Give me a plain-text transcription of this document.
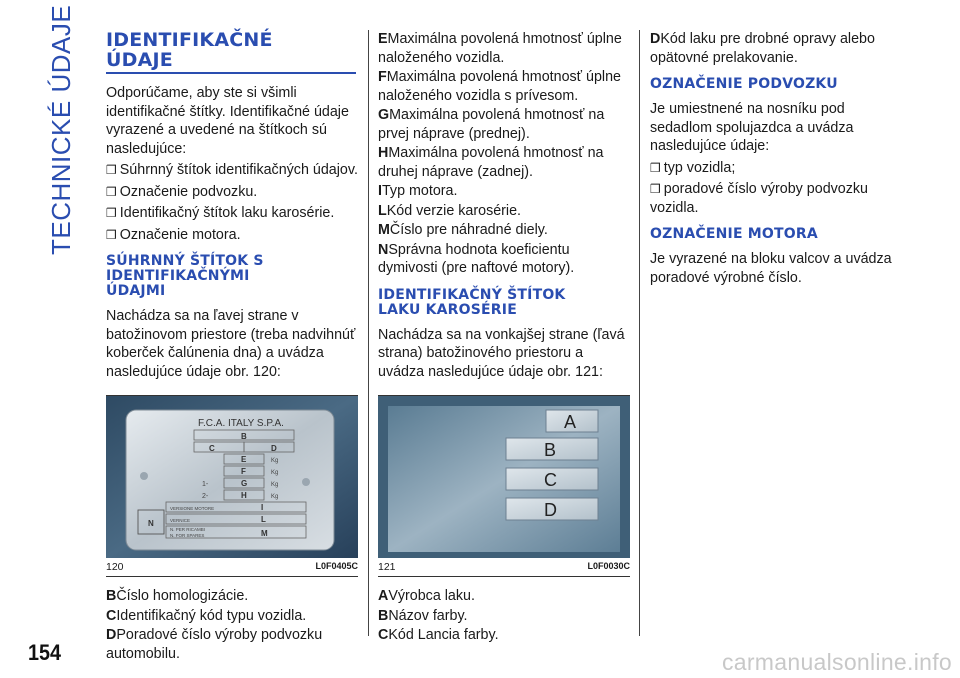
TECHNICKÉ ÚDAJE IDENTIFIKAČNÉ
ÚDAJE

Odporúčame, aby ste si všimli identifikačné štítky. Identifikačné údaje vyrazené a uvedené na štítkoch sú nasledujúce:

❒ Súhrnný štítok identifikačných údajov.
❒ Označenie podvozku.
❒ Identifikačný štítok laku karosérie.
❒ Označenie motora.
SÚHRNNÝ ŠTÍTOK S
IDENTIFIKAČNÝMI
ÚDAJMI

Nachádza sa na ľavej strane v batožinovom priestore (treba nadvihnúť koberček čalúnenia dna) a uvádza nasledujúce údaje obr. 120:

F.C.A. ITALY S.P.A.
B
C	D
E
F
G
H
Kg
Kg
Kg
Kg
1-
2-
VERSIONE MOTORE
VERNICE
N. PER RICAMBI
N. FOR SPARES
I
L
M
N
120	L0F0405C
BČíslo homologizácie.
CIdentifikačný kód typu vozidla.
DPoradové číslo výroby podvozku automobilu.
EMaximálna povolená hmotnosť úplne naloženého vozidla.
FMaximálna povolená hmotnosť úplne naloženého vozidla s prívesom.
GMaximálna povolená hmotnosť na prvej náprave (prednej).
HMaximálna povolená hmotnosť na druhej náprave (zadnej).
ITyp motora.
LKód verzie karosérie.
MČíslo pre náhradné diely.
NSprávna hodnota koeficientu dymivosti (pre naftové motory).
IDENTIFIKAČNÝ ŠTÍTOK
LAKU KAROSÉRIE

Nachádza sa na vonkajšej strane (ľavá strana) batožinového priestoru a uvádza nasledujúce údaje obr. 121:

A
B
C
D
121	L0F0030C
AVýrobca laku.
BNázov farby.
CKód Lancia farby.
DKód laku pre drobné opravy alebo opätovné prelakovanie.
OZNAČENIE PODVOZKU

Je umiestnené na nosníku pod sedadlom spolujazdca a uvádza nasledujúce údaje:

❒ typ vozidla;
❒ poradové číslo výroby podvozku vozidla.
OZNAČENIE MOTORA

Je vyrazené na bloku valcov a uvádza poradové výrobné číslo.

154	carmanualsonline.info
